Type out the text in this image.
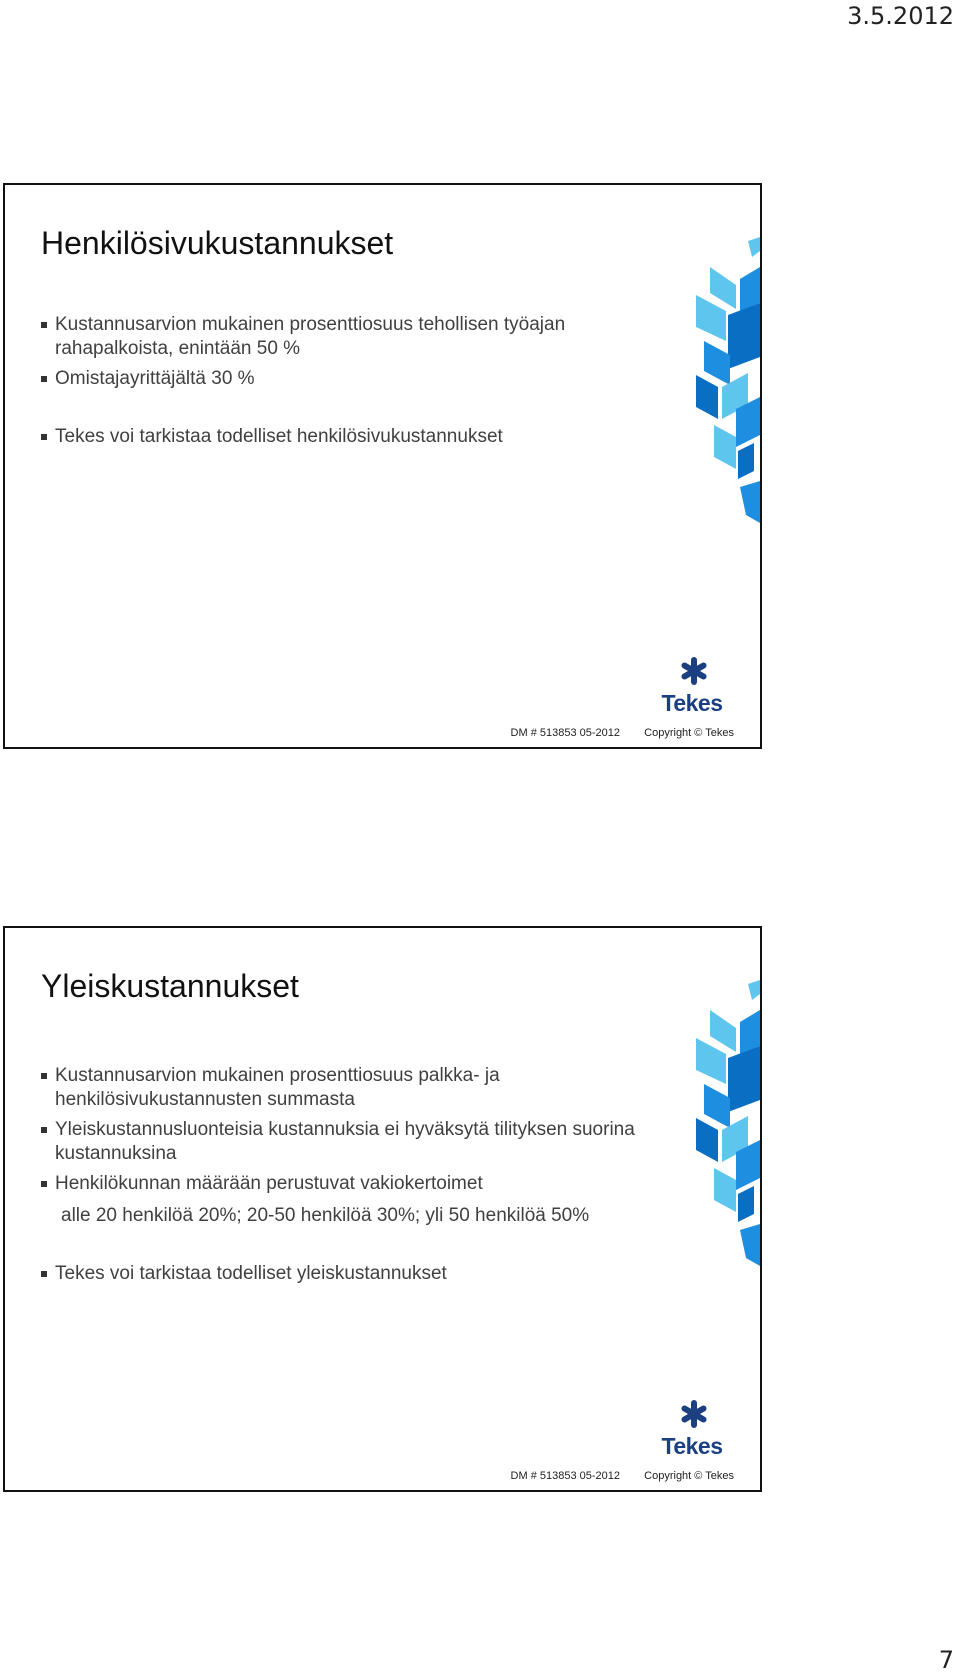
3.5.2012
Henkilösivukustannukset
Kustannusarvion mukainen prosenttiosuus tehollisen työajan rahapalkoista, enintään 50 %
Omistajayrittäjältä 30 %
Tekes voi tarkistaa todelliset henkilösivukustannukset
Tekes
DM # 513853 05-2012 Copyright © Tekes
Yleiskustannukset
Kustannusarvion mukainen prosenttiosuus palkka- ja henkilösivukustannusten summasta
Yleiskustannusluonteisia kustannuksia ei hyväksytä tilityksen suorina kustannuksina
Henkilökunnan määrään perustuvat vakiokertoimet
alle 20 henkilöä 20%; 20-50 henkilöä 30%; yli 50 henkilöä 50%
Tekes voi tarkistaa todelliset yleiskustannukset
Tekes
DM # 513853 05-2012 Copyright © Tekes
7
